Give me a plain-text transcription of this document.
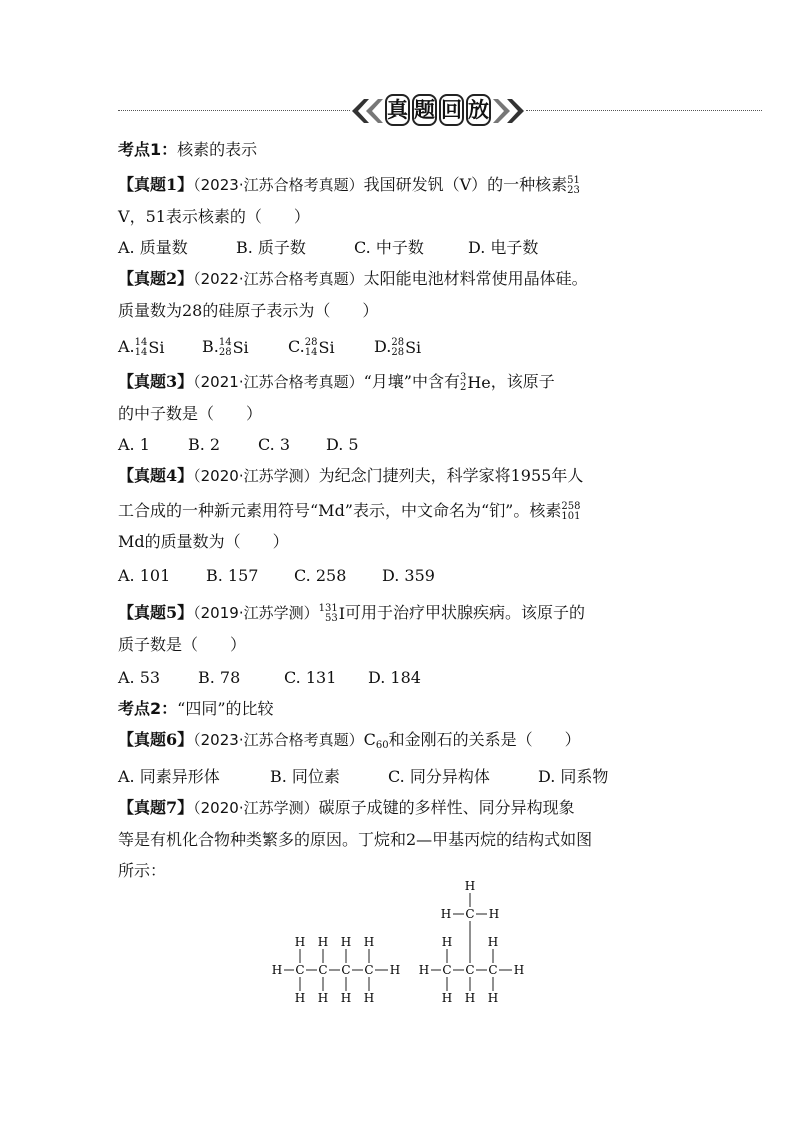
真 题 回 放
考点1：核素的表示
【真题1】（2023·江苏合格考真题）我国研发钒（V）的一种核素 51
23
V，51表示核素的（　　）
A. 质量数	B. 质子数	C. 中子数	D. 电子数
【真题2】（2022·江苏合格考真题）太阳能电池材料常使用晶体硅。
质量数为28的硅原子表示为（　　）
A. 14
14 Si B. 14
28 Si C. 28
14 Si D. 28
28 Si
【真题3】（2021·江苏合格考真题）“月壤”中含有 3
2 He，该原子
的中子数是（　　）
A. 1 B. 2 C. 3 D. 5
【真题4】（2020·江苏学测）为纪念门捷列夫，科学家将1955年人
工合成的一种新元素用符号“Md”表示，中文命名为“钔”。核素 258
101
Md的质量数为（　　）
A. 101 B. 157 C. 258 D. 359
【真题5】（2019·江苏学测） 131
53 I可用于治疗甲状腺疾病。该原子的
质子数是（　　）
A. 53 B. 78	C. 131 D. 184
考点2：“四同”的比较
【真题6】（2023·江苏合格考真题）$C_{60}$和金刚石的关系是（　　）
A. 同素异形体	B. 同位素	C. 同分异构体	D. 同系物
【真题7】（2020·江苏学测）碳原子成键的多样性、同分异构现象
等是有机化合物种类繁多的原因。丁烷和2—甲基丙烷的结构式如图
所示：
H C
H
H
C
H
H
C
H
H
C
H
H
H H C
H
H
C
H
C
H
H
H
C
H
H	H
